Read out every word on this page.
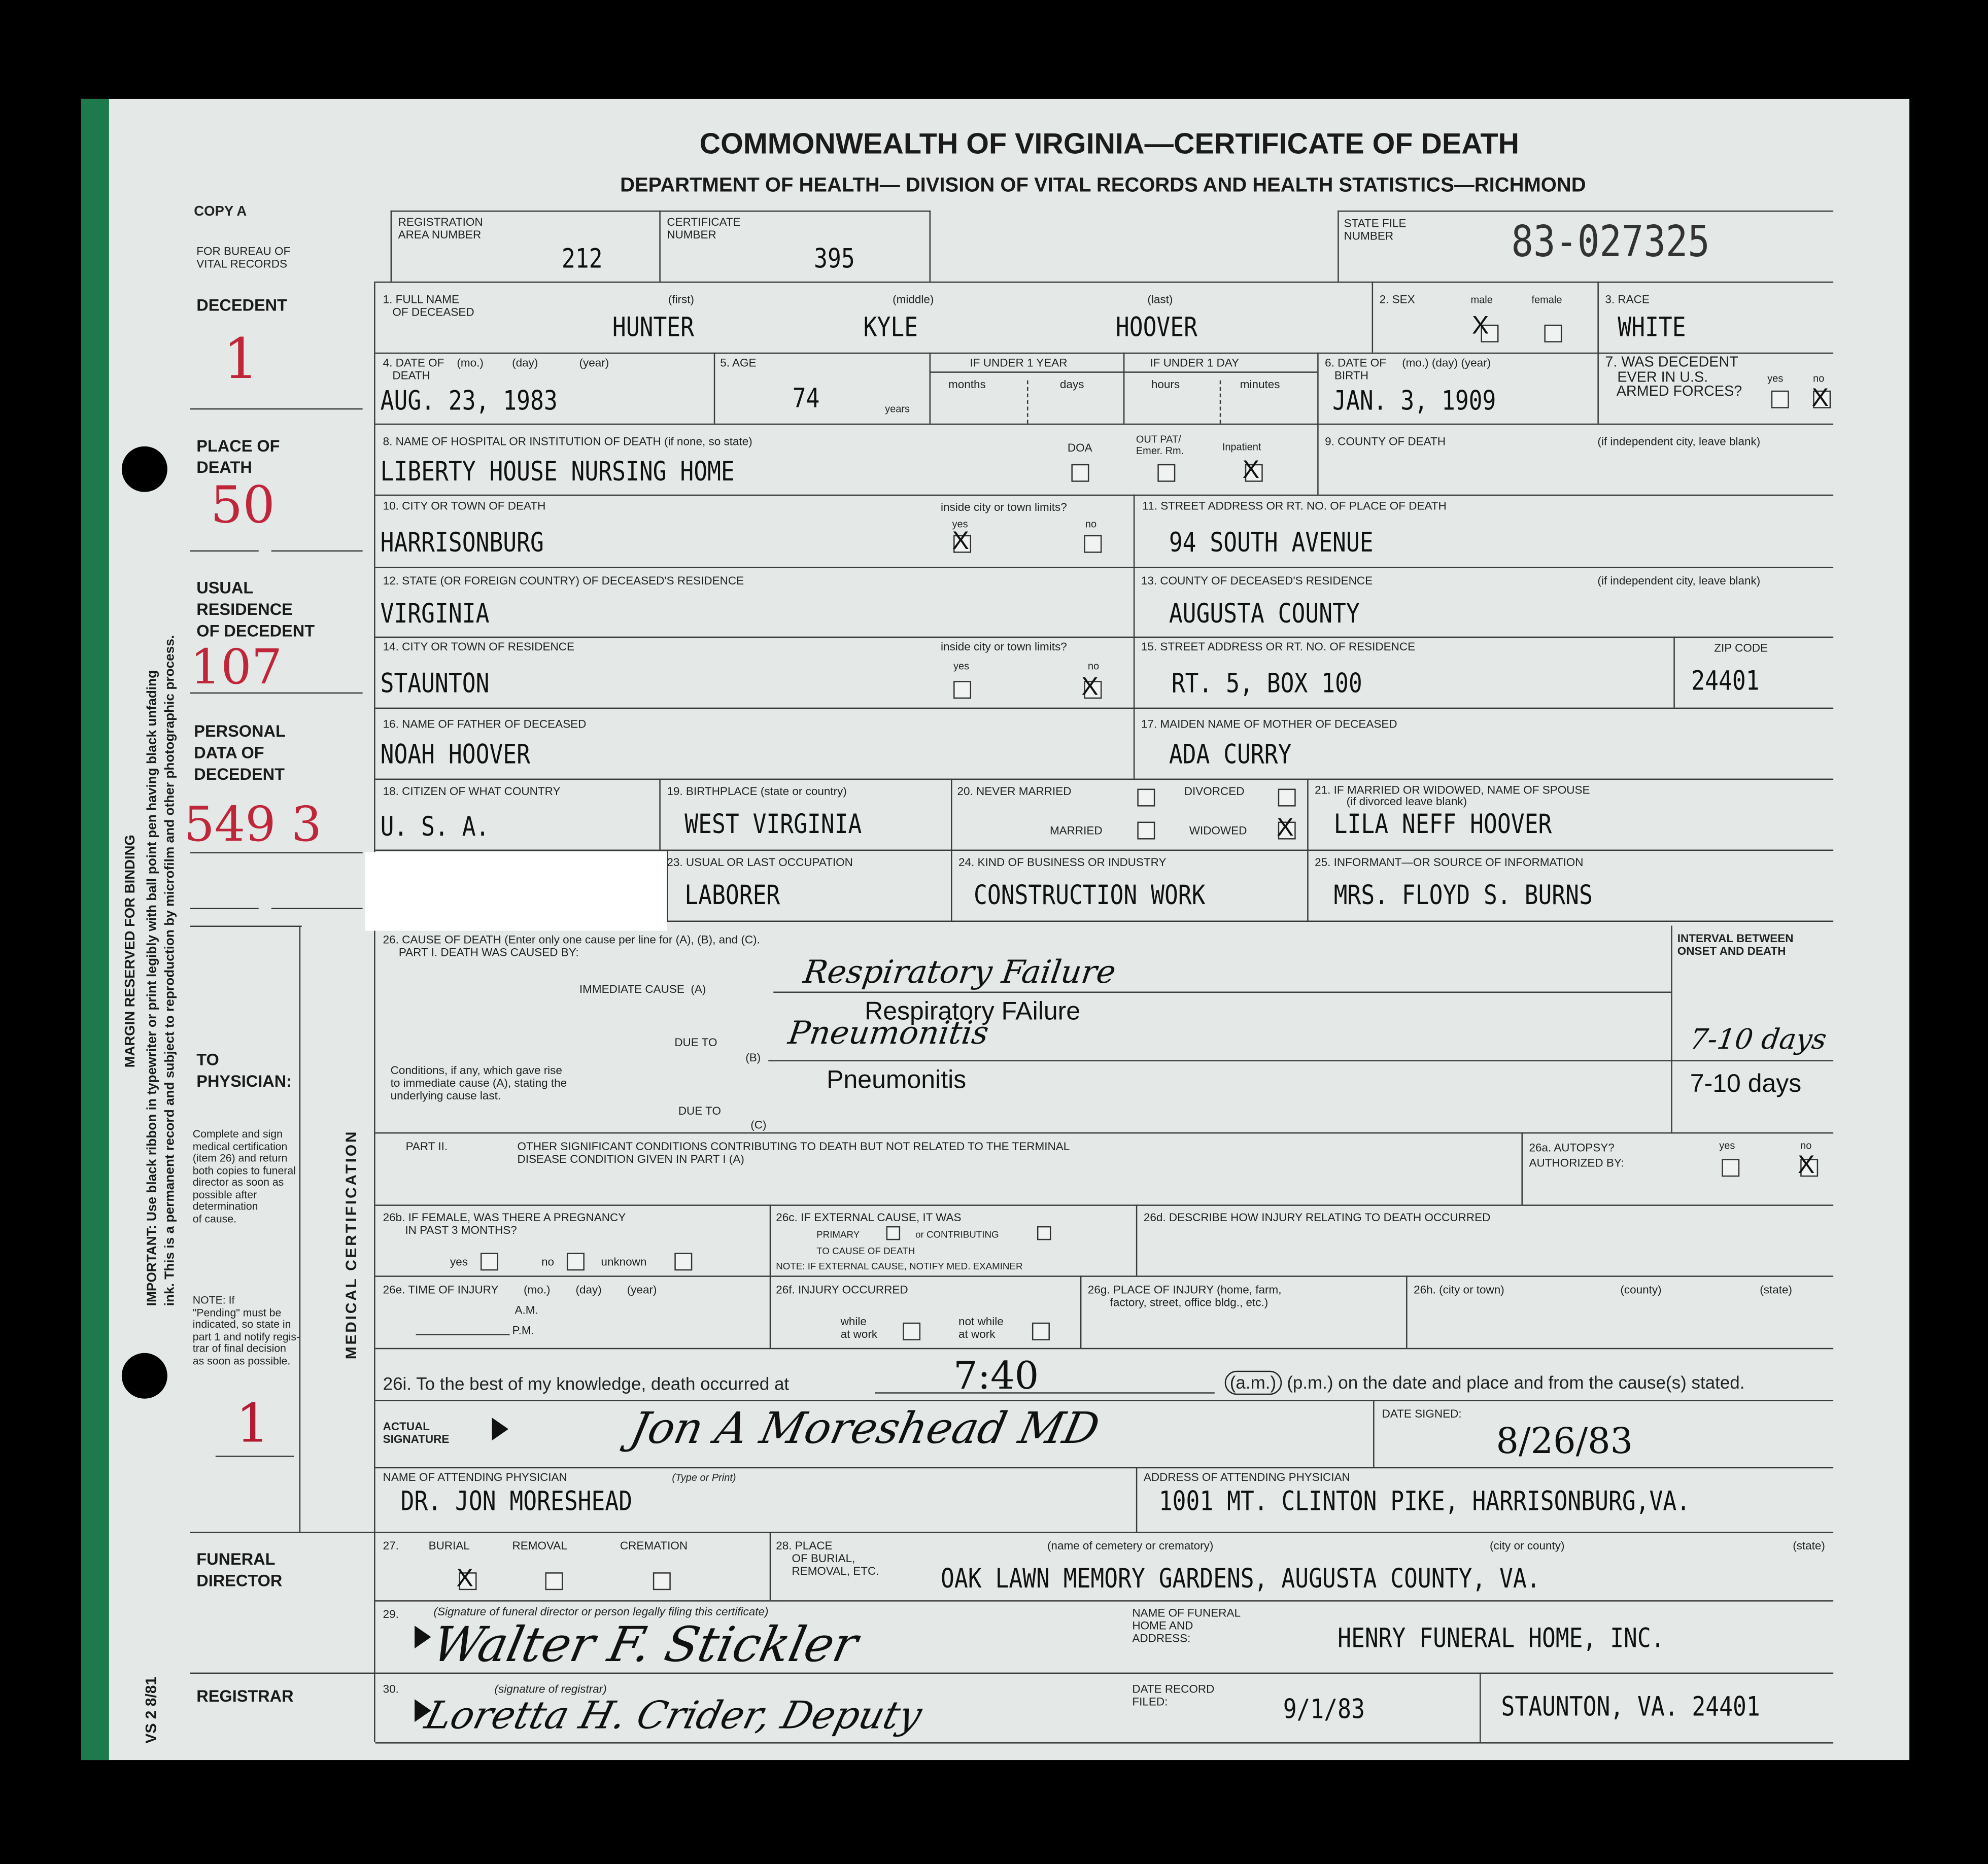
MARGIN RESERVED FOR BINDING IMPORTANT: Use black ribbon in typewriter or print legibly with ball point pen having black unfading ink. This is a permanent record and subject to reproduction by microfilm and other photographic process.	MEDICAL CERTIFICATION
VS 2 8/81
COMMONWEALTH OF VIRGINIA—CERTIFICATE OF DEATH
DEPARTMENT OF HEALTH— DIVISION OF VITAL RECORDS AND HEALTH STATISTICS—RICHMOND
COPY A
FOR BUREAU OF
VITAL RECORDS
REGISTRATION
AREA NUMBER
212
CERTIFICATE
NUMBER
395
STATE FILE
NUMBER	83-027325
DECEDENT
PLACE OF
DEATH
USUAL
RESIDENCE
OF DECEDENT
PERSONAL
DATA OF
DECEDENT
TO
PHYSICIAN:
FUNERAL
DIRECTOR
REGISTRAR
Complete and sign
medical certification
(item 26) and return
both copies to funeral
director as soon as
possible after
determination
of cause.
NOTE: If
"Pending" must be
indicated, so state in
part 1 and notify regis-
trar of final decision
as soon as possible.
1
50
107
549 3
1
1. FULL NAME
OF DECEASED
(first)	(middle)	(last)
HUNTER	KYLE	HOOVER
2. SEX	male	female
X
3. RACE
WHITE
4. DATE OF    (mo.)         (day)             (year)
DEATH
AUG. 23, 1983
5. AGE
74	years
IF UNDER 1 YEAR
months	days
IF UNDER 1 DAY
hours	minutes
6. DATE OF     (mo.) (day) (year)
BIRTH
JAN. 3, 1909
7. WAS DECEDENT
EVER IN U.S.
ARMED FORCES?
yes	no
X
8. NAME OF HOSPITAL OR INSTITUTION OF DEATH (if none, so state)
LIBERTY HOUSE NURSING HOME
DOA
OUT PAT/
Emer. Rm.	Inpatient
X
9. COUNTY OF DEATH	(if independent city, leave blank)
10. CITY OR TOWN OF DEATH
HARRISONBURG
inside city or town limits?
yes	no
X
11. STREET ADDRESS OR RT. NO. OF PLACE OF DEATH
94 SOUTH AVENUE
12. STATE (OR FOREIGN COUNTRY) OF DECEASED'S RESIDENCE
VIRGINIA
13. COUNTY OF DECEASED'S RESIDENCE	(if independent city, leave blank)
AUGUSTA COUNTY
14. CITY OR TOWN OF RESIDENCE
STAUNTON
inside city or town limits?
yes	no
X
15. STREET ADDRESS OR RT. NO. OF RESIDENCE
RT. 5, BOX 100
ZIP CODE
24401
16. NAME OF FATHER OF DECEASED
NOAH HOOVER
17. MAIDEN NAME OF MOTHER OF DECEASED
ADA CURRY
18. CITIZEN OF WHAT COUNTRY
U. S. A.
19. BIRTHPLACE (state or country)
WEST VIRGINIA
20. NEVER MARRIED	DIVORCED
MARRIED	WIDOWED	X
21. IF MARRIED OR WIDOWED, NAME OF SPOUSE
(if divorced leave blank)
LILA NEFF HOOVER
23. USUAL OR LAST OCCUPATION
LABORER
24. KIND OF BUSINESS OR INDUSTRY
CONSTRUCTION WORK
25. INFORMANT—OR SOURCE OF INFORMATION
MRS. FLOYD S. BURNS
26. CAUSE OF DEATH (Enter only one cause per line for (A), (B), and (C).
PART I. DEATH WAS CAUSED BY:
INTERVAL BETWEEN
ONSET AND DEATH
IMMEDIATE CAUSE  (A)	Respiratory Failure
Respiratory FAilure
DUE TO
(B)
Pneumonitis
Pneumonitis
7-10 days
7-10 days
Conditions, if any, which gave rise
to immediate cause (A), stating the
underlying cause last.
DUE TO
(C)
PART II.	OTHER SIGNIFICANT CONDITIONS CONTRIBUTING TO DEATH BUT NOT RELATED TO THE TERMINAL
DISEASE CONDITION GIVEN IN PART I (A)
26a. AUTOPSY?
AUTHORIZED BY:
yes	no
X
26b. IF FEMALE, WAS THERE A PREGNANCY
IN PAST 3 MONTHS?
yes	no	unknown
26c. IF EXTERNAL CAUSE, IT WAS
PRIMARY	or CONTRIBUTING
TO CAUSE OF DEATH
NOTE: IF EXTERNAL CAUSE, NOTIFY MED. EXAMINER
26d. DESCRIBE HOW INJURY RELATING TO DEATH OCCURRED
26e. TIME OF INJURY        (mo.)        (day)        (year)
A.M.
P.M.
26f. INJURY OCCURRED
while
at work
not while
at work
26g. PLACE OF INJURY (home, farm,
factory, street, office bldg., etc.)
26h. (city or town)	(county)	(state)
26i. To the best of my knowledge, death occurred at	7:40	(a.m.)	(p.m.) on the date and place and from the cause(s) stated.
ACTUAL
SIGNATURE	Jon A Moreshead MD	DATE SIGNED:
8/26/83
NAME OF ATTENDING PHYSICIAN	(Type or Print)
DR. JON MORESHEAD
ADDRESS OF ATTENDING PHYSICIAN
1001 MT. CLINTON PIKE, HARRISONBURG,VA.
27.	BURIAL	REMOVAL	CREMATION
X
28. PLACE
OF BURIAL,
REMOVAL, ETC.
(name of cemetery or crematory)	(city or county)	(state)
OAK LAWN MEMORY GARDENS, AUGUSTA COUNTY, VA.
29.	(Signature of funeral director or person legally filing this certificate)
Walter F. Stickler
NAME OF FUNERAL
HOME AND
ADDRESS:	HENRY FUNERAL HOME, INC.
30.	(signature of registrar)
Loretta H. Crider, Deputy
DATE RECORD
FILED:	9/1/83	STAUNTON, VA. 24401
